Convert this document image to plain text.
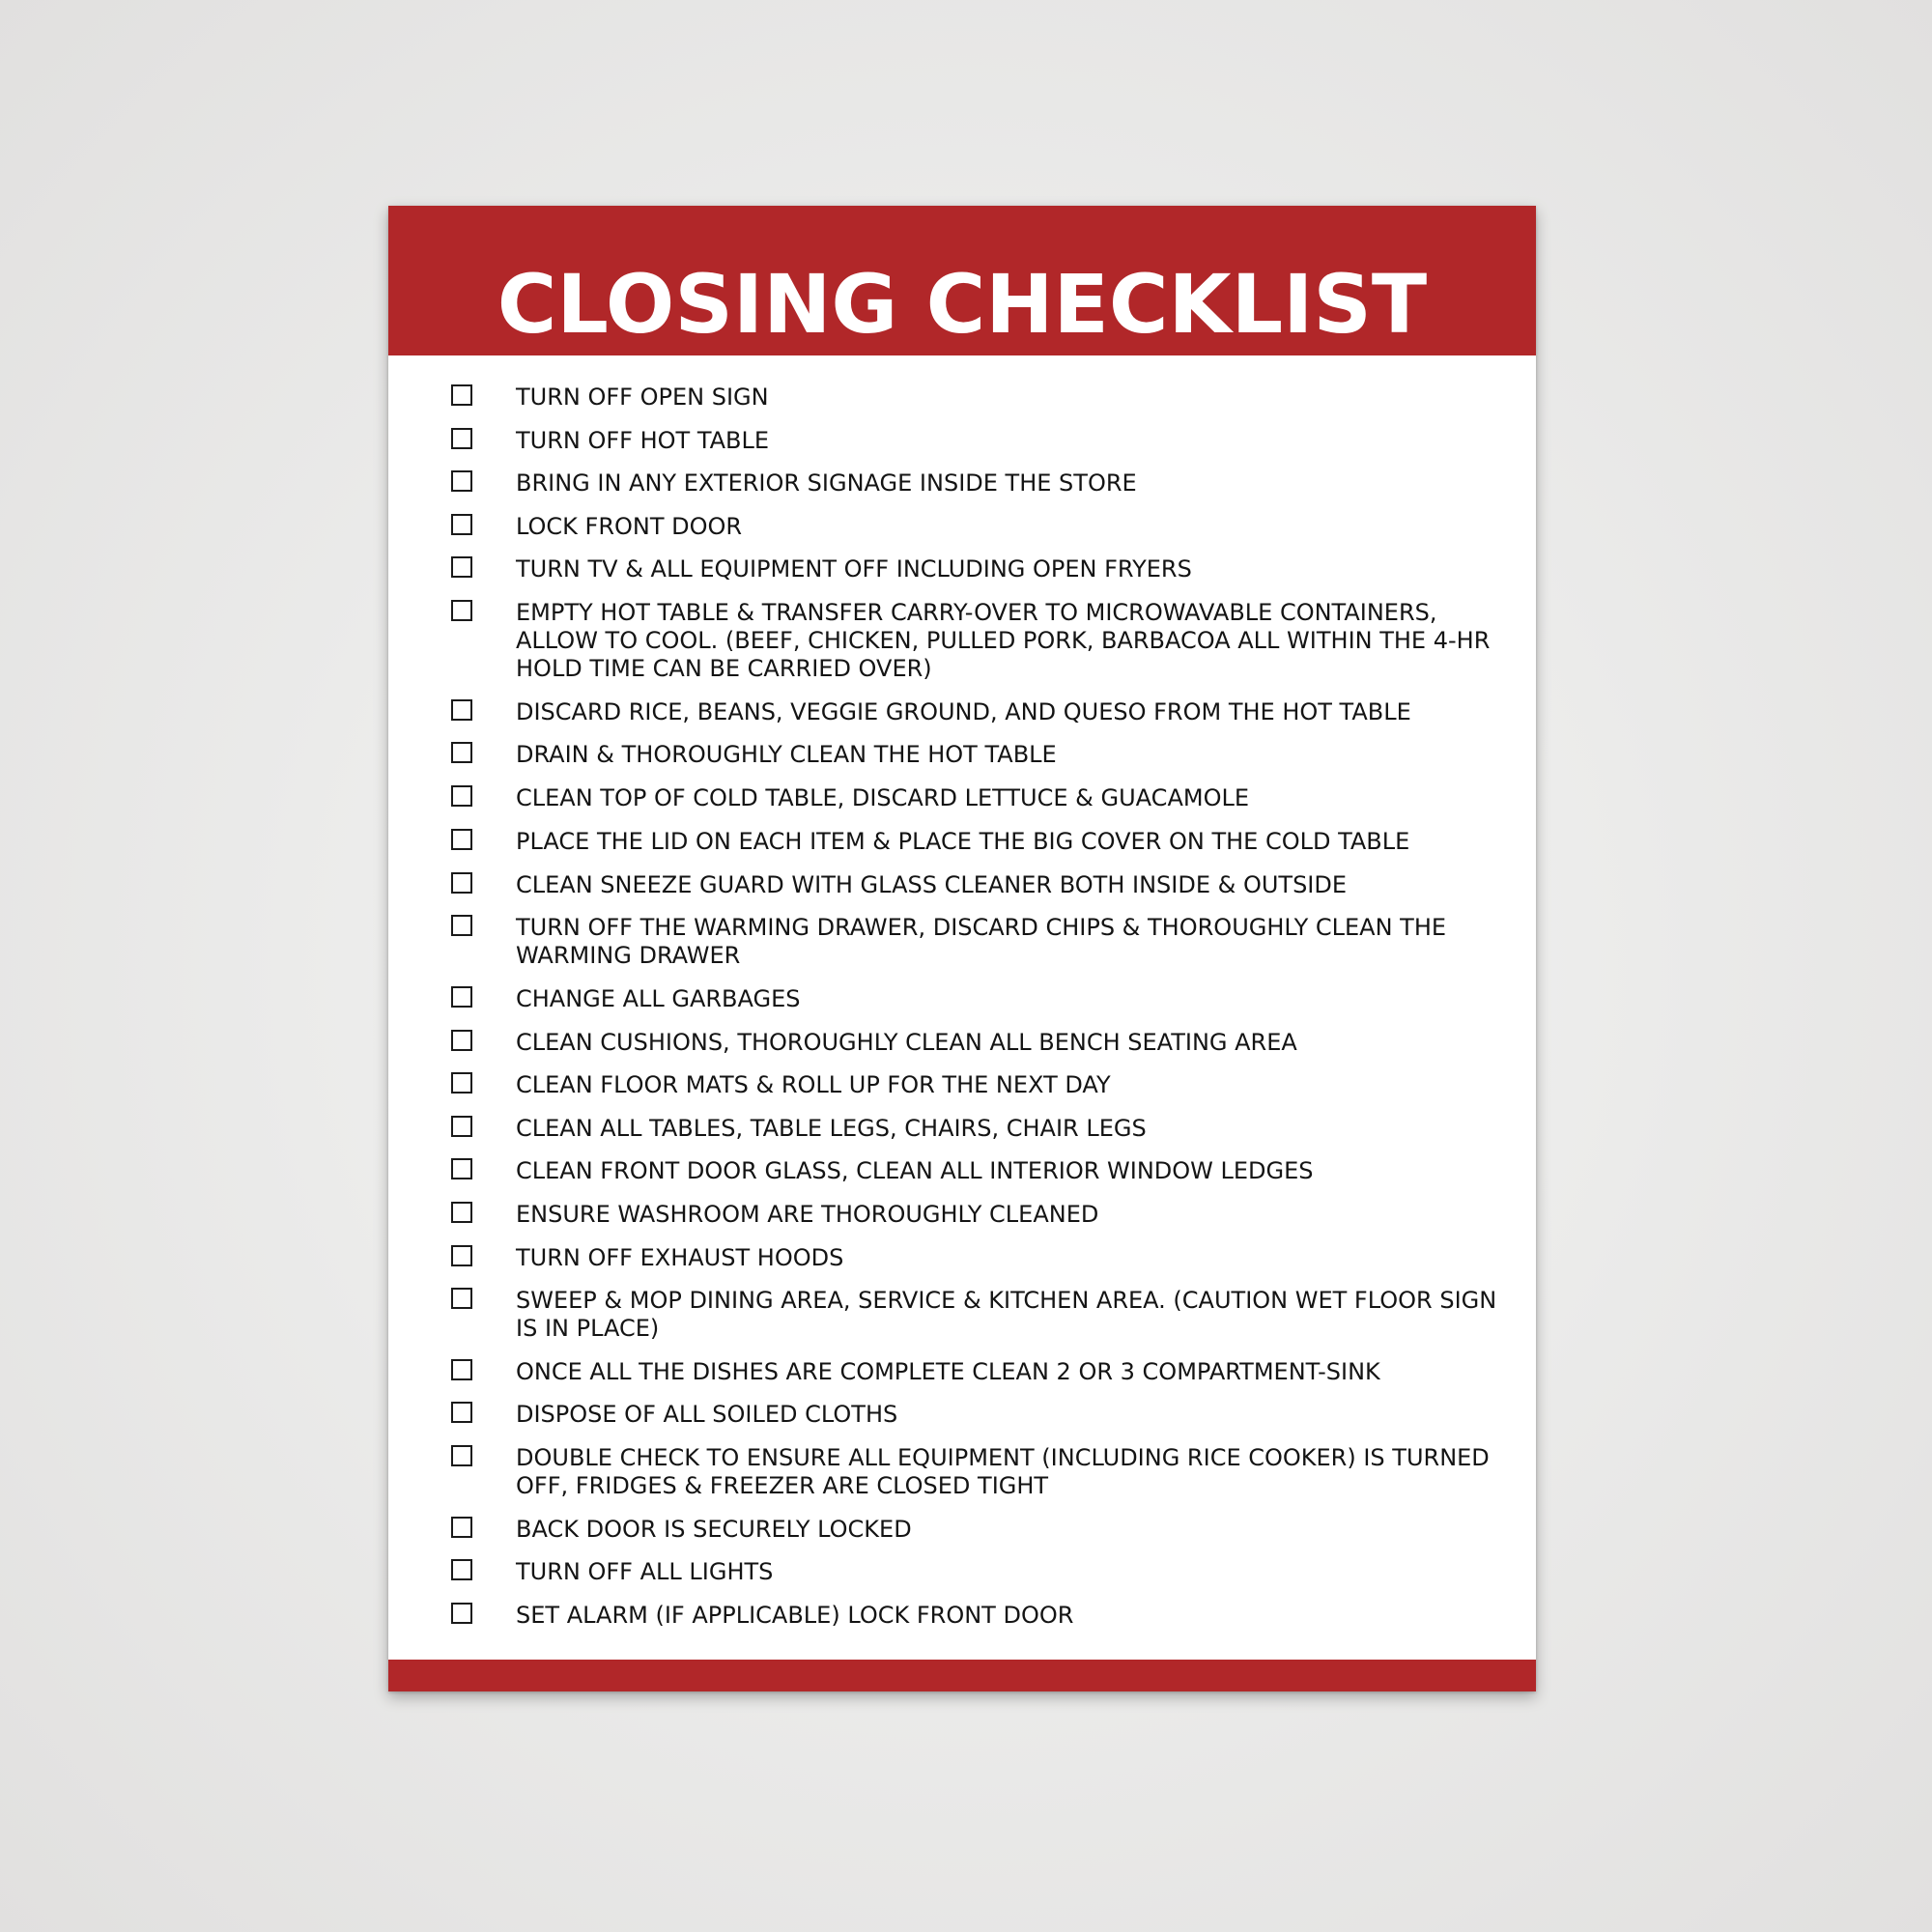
CLOSING CHECKLIST
TURN OFF OPEN SIGN
TURN OFF HOT TABLE
BRING IN ANY EXTERIOR SIGNAGE INSIDE THE STORE
LOCK FRONT DOOR
TURN TV & ALL EQUIPMENT OFF INCLUDING OPEN FRYERS
EMPTY HOT TABLE & TRANSFER CARRY-OVER TO MICROWAVABLE CONTAINERS, ALLOW TO COOL. (BEEF, CHICKEN, PULLED PORK, BARBACOA ALL WITHIN THE 4-HR HOLD TIME CAN BE CARRIED OVER)
DISCARD RICE, BEANS, VEGGIE GROUND, AND QUESO FROM THE HOT TABLE
DRAIN & THOROUGHLY CLEAN THE HOT TABLE
CLEAN TOP OF COLD TABLE, DISCARD LETTUCE & GUACAMOLE
PLACE THE LID ON EACH ITEM & PLACE THE BIG COVER ON THE COLD TABLE
CLEAN SNEEZE GUARD WITH GLASS CLEANER BOTH INSIDE & OUTSIDE
TURN OFF THE WARMING DRAWER, DISCARD CHIPS & THOROUGHLY CLEAN THE WARMING DRAWER
CHANGE ALL GARBAGES
CLEAN CUSHIONS, THOROUGHLY CLEAN ALL BENCH SEATING AREA
CLEAN FLOOR MATS & ROLL UP FOR THE NEXT DAY
CLEAN ALL TABLES, TABLE LEGS, CHAIRS, CHAIR LEGS
CLEAN FRONT DOOR GLASS, CLEAN ALL INTERIOR WINDOW LEDGES
ENSURE WASHROOM ARE THOROUGHLY CLEANED
TURN OFF EXHAUST HOODS
SWEEP & MOP DINING AREA, SERVICE & KITCHEN AREA. (CAUTION WET FLOOR SIGN IS IN PLACE)
ONCE ALL THE DISHES ARE COMPLETE CLEAN 2 OR 3 COMPARTMENT-SINK
DISPOSE OF ALL SOILED CLOTHS
DOUBLE CHECK TO ENSURE ALL EQUIPMENT (INCLUDING RICE COOKER) IS TURNED OFF, FRIDGES & FREEZER ARE CLOSED TIGHT
BACK DOOR IS SECURELY LOCKED
TURN OFF ALL LIGHTS
SET ALARM (IF APPLICABLE) LOCK FRONT DOOR
